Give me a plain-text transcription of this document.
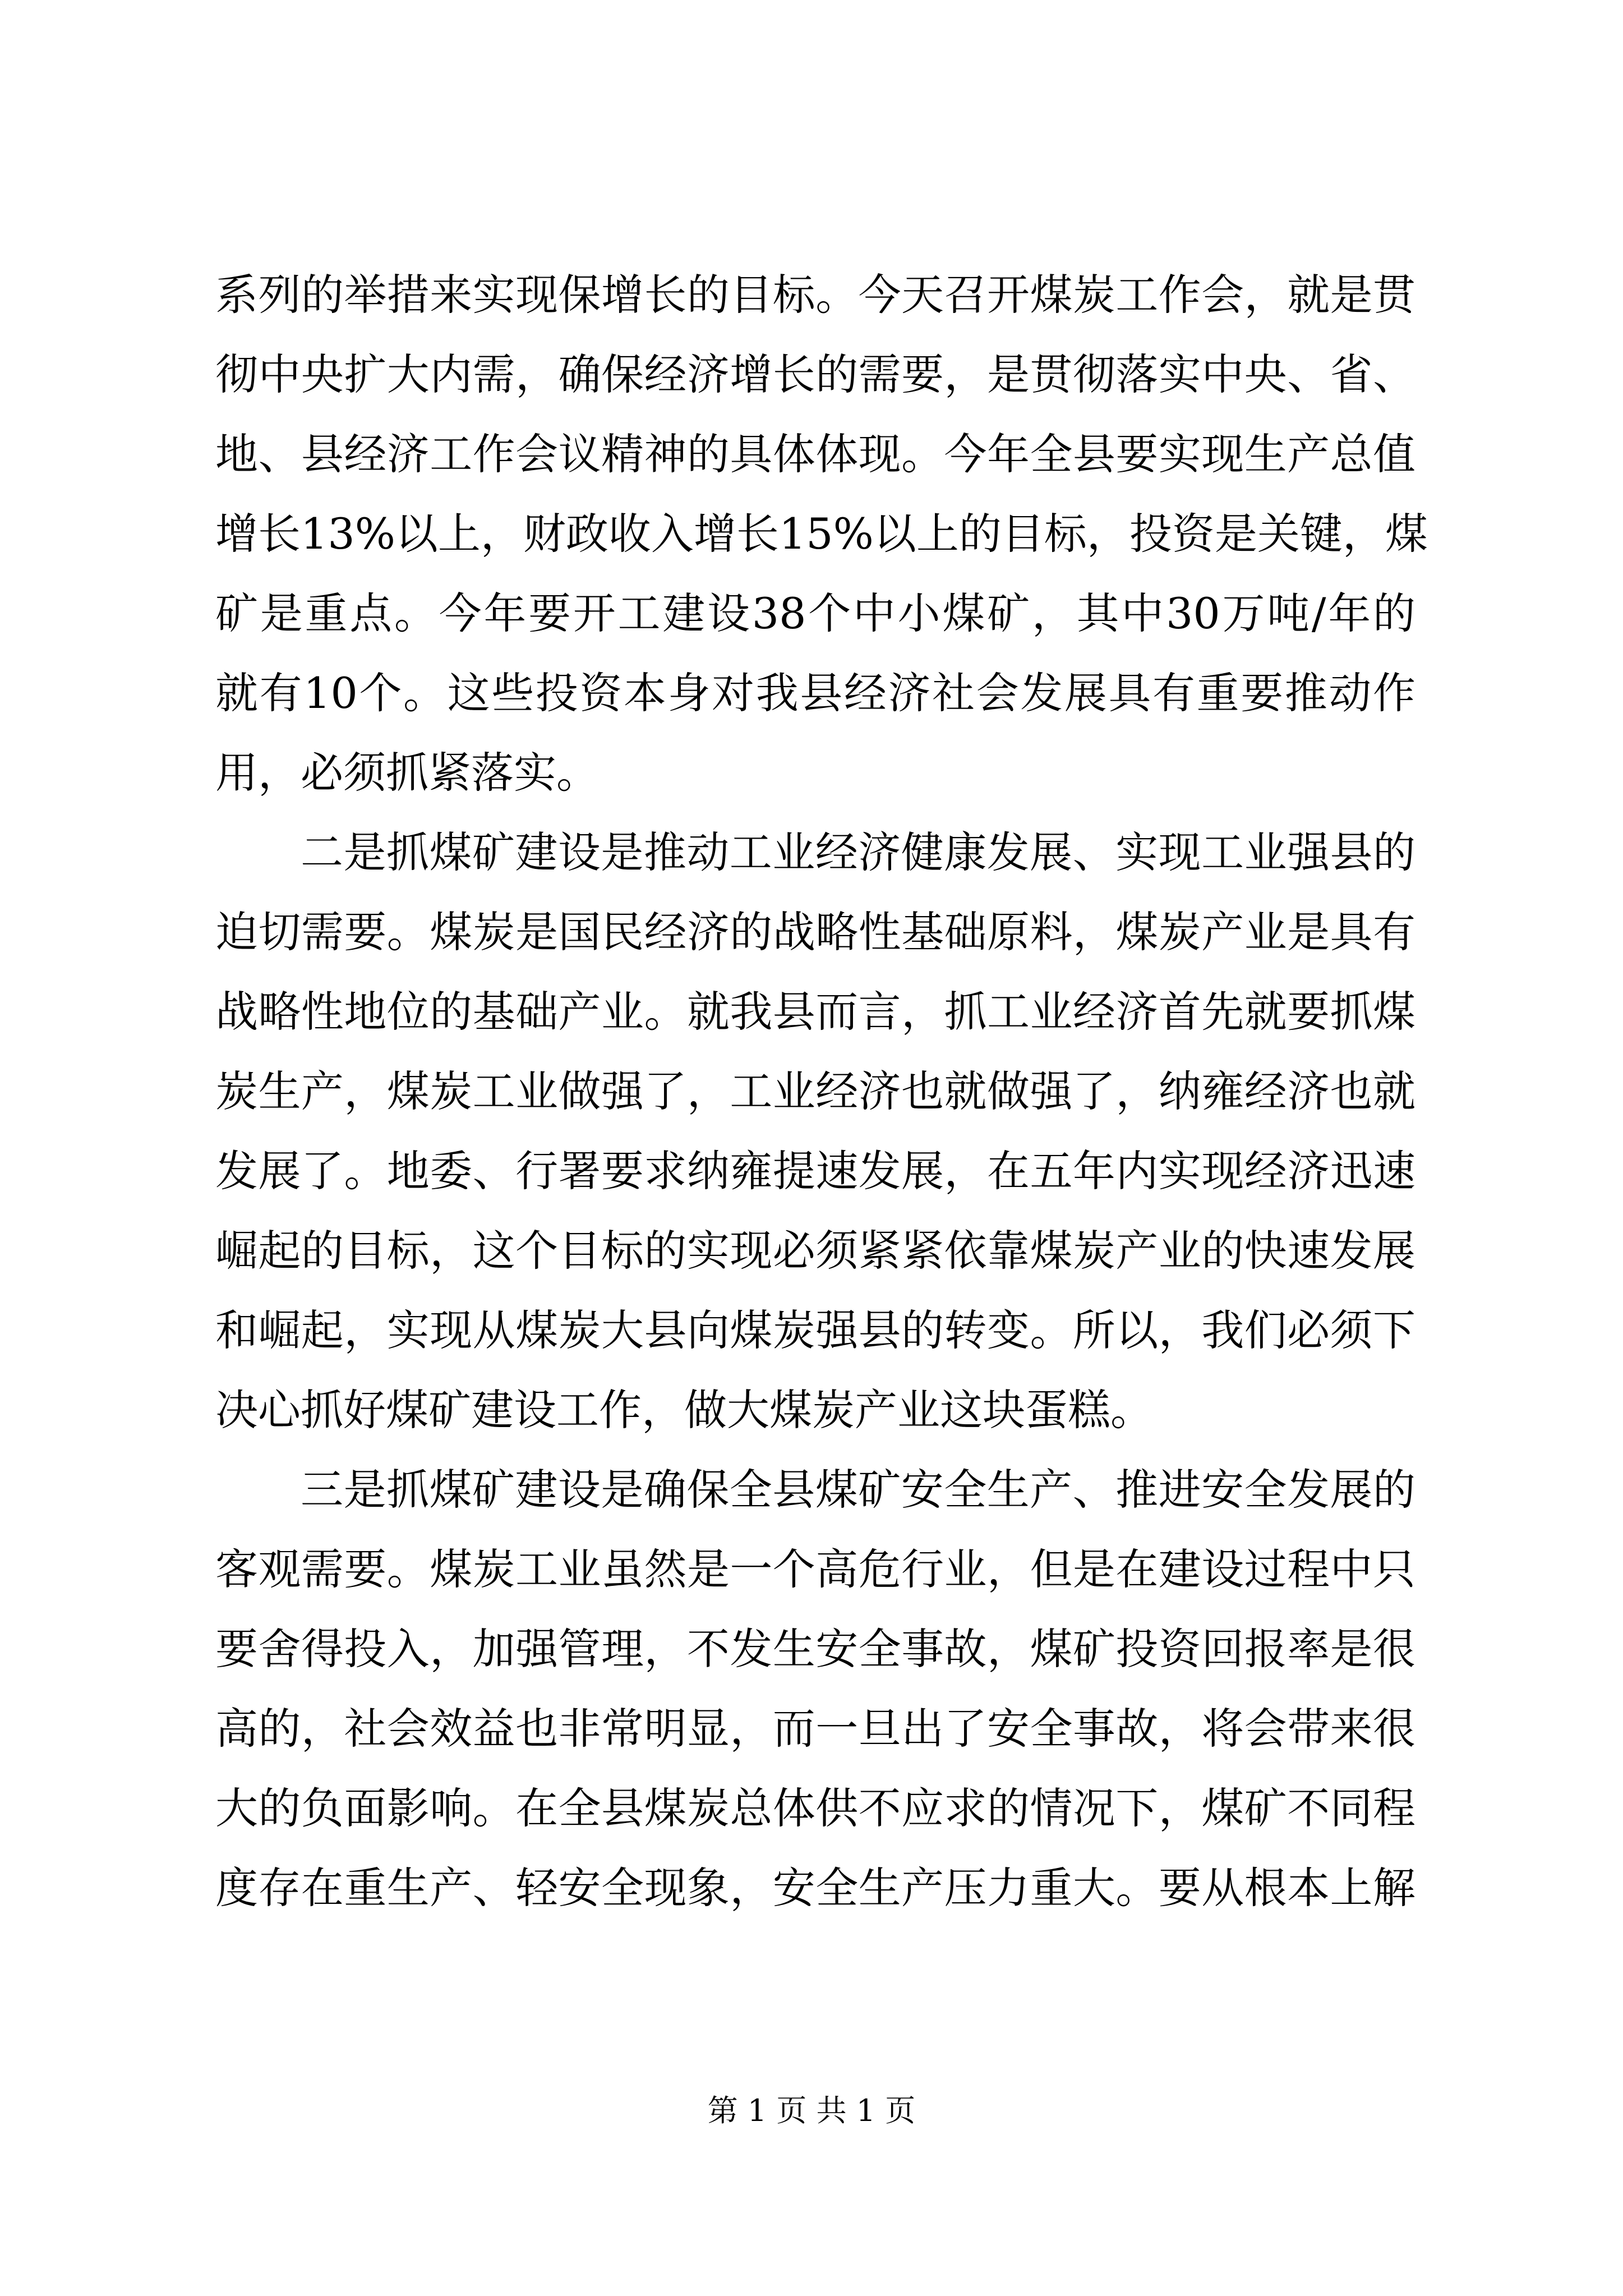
系列的举措来实现保增长的目标。今天召开煤炭工作会，就是贯
彻中央扩大内需，确保经济增长的需要，是贯彻落实中央、省、
地、县经济工作会议精神的具体体现。今年全县要实现生产总值
增长13%以上，财政收入增长15%以上的目标，投资是关键，煤
矿是重点。今年要开工建设38个中小煤矿，其中30万吨/年的
就有10个。这些投资本身对我县经济社会发展具有重要推动作
用，必须抓紧落实。
二是抓煤矿建设是推动工业经济健康发展、实现工业强县的
迫切需要。煤炭是国民经济的战略性基础原料，煤炭产业是具有
战略性地位的基础产业。就我县而言，抓工业经济首先就要抓煤
炭生产，煤炭工业做强了，工业经济也就做强了，纳雍经济也就
发展了。地委、行署要求纳雍提速发展，在五年内实现经济迅速
崛起的目标，这个目标的实现必须紧紧依靠煤炭产业的快速发展
和崛起，实现从煤炭大县向煤炭强县的转变。所以，我们必须下
决心抓好煤矿建设工作，做大煤炭产业这块蛋糕。
三是抓煤矿建设是确保全县煤矿安全生产、推进安全发展的
客观需要。煤炭工业虽然是一个高危行业，但是在建设过程中只
要舍得投入，加强管理，不发生安全事故，煤矿投资回报率是很
高的，社会效益也非常明显，而一旦出了安全事故，将会带来很
大的负面影响。在全县煤炭总体供不应求的情况下，煤矿不同程
度存在重生产、轻安全现象，安全生产压力重大。要从根本上解
第 1 页 共 1 页
